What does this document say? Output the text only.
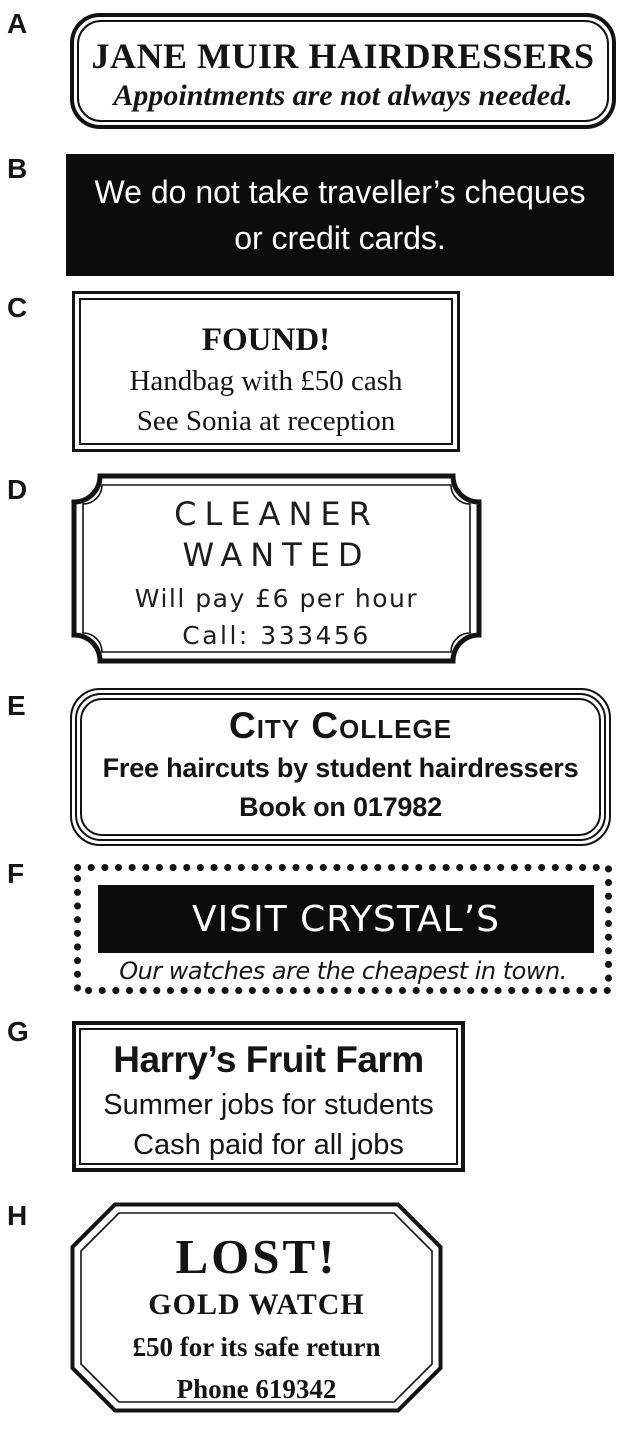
A
B
C
D
E
F
G
H
JANE MUIR HAIRDRESSERS
Appointments are not always needed.
We do not take traveller’s cheques
or credit cards.
FOUND!
Handbag with £50 cash
See Sonia at reception
CLEANER
WANTED
Will pay £6 per hour
Call: 333456
City College
Free haircuts by student hairdressers
Book on 017982
VISIT CRYSTAL’S
Our watches are the cheapest in town.
Harry’s Fruit Farm
Summer jobs for students
Cash paid for all jobs
LOST!
GOLD WATCH
£50 for its safe return
Phone 619342
